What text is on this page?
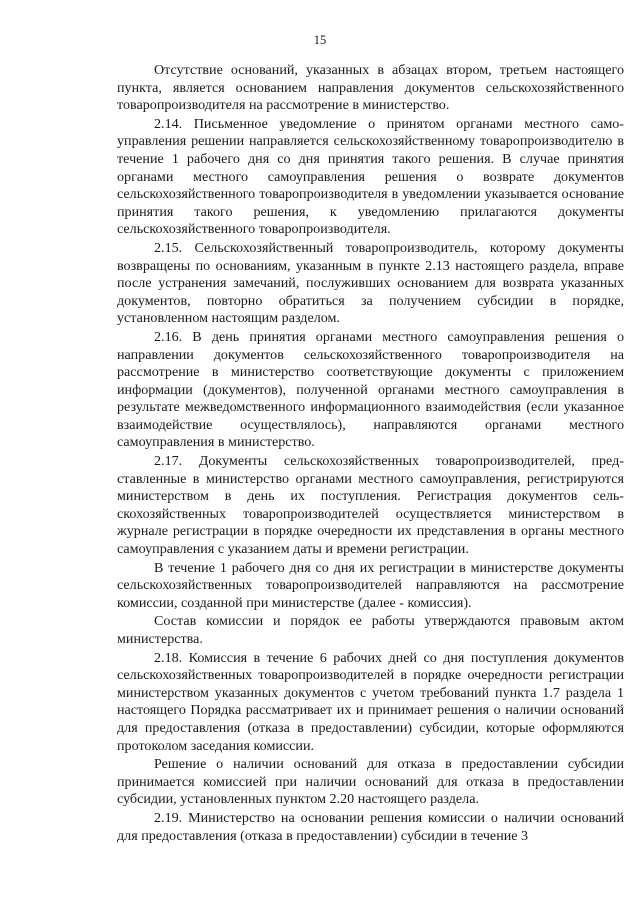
15

Отсутствие оснований, указанных в абзацах втором, третьем настоящего пункта, является основанием направления документов сельскохозяйственного товаропроизводителя на рассмотрение в министерство.

2.14. Письменное уведомление о принятом органами местного самоуправления решении направляется сельскохозяйственному товаропроизводителю в течение 1 рабочего дня со дня принятия такого решения. В случае принятия органами местного самоуправления решения о возврате документов сельскохозяйственного товаропроизводителя в уведомлении указывается основание принятия такого решения, к уведомлению прилагаются документы сельскохозяйственного товаропроизводителя.

2.15. Сельскохозяйственный товаропроизводитель, которому документы возвращены по основаниям, указанным в пункте 2.13 настоящего раздела, вправе после устранения замечаний, послуживших основанием для возврата указанных документов, повторно обратиться за получением субсидии в порядке, установленном настоящим разделом.

2.16. В день принятия органами местного самоуправления решения о направлении документов сельскохозяйственного товаропроизводителя на рассмотрение в министерство соответствующие документы с приложением информации (документов), полученной органами местного самоуправления в результате межведомственного информационного взаимодействия (если указанное взаимодействие осуществлялось), направляются органами местного самоуправления в министерство.

2.17. Документы сельскохозяйственных товаропроизводителей, представленные в министерство органами местного самоуправления, регистрируются министерством в день их поступления. Регистрация документов сельскохозяйственных товаропроизводителей осуществляется министерством в журнале регистрации в порядке очередности их представления в органы местного самоуправления с указанием даты и времени регистрации.

В течение 1 рабочего дня со дня их регистрации в министерстве документы сельскохозяйственных товаропроизводителей направляются на рассмотрение комиссии, созданной при министерстве (далее - комиссия).

Состав комиссии и порядок ее работы утверждаются правовым актом министерства.

2.18. Комиссия в течение 6 рабочих дней со дня поступления документов сельскохозяйственных товаропроизводителей в порядке очередности регистрации министерством указанных документов с учетом требований пункта 1.7 раздела 1 настоящего Порядка рассматривает их и принимает решения о наличии оснований для предоставления (отказа в предоставлении) субсидии, которые оформляются протоколом заседания комиссии.

Решение о наличии оснований для отказа в предоставлении субсидии принимается комиссией при наличии оснований для отказа в предоставлении субсидии, установленных пунктом 2.20 настоящего раздела.

2.19. Министерство на основании решения комиссии о наличии оснований для предоставления (отказа в предоставлении) субсидии в течение 3
